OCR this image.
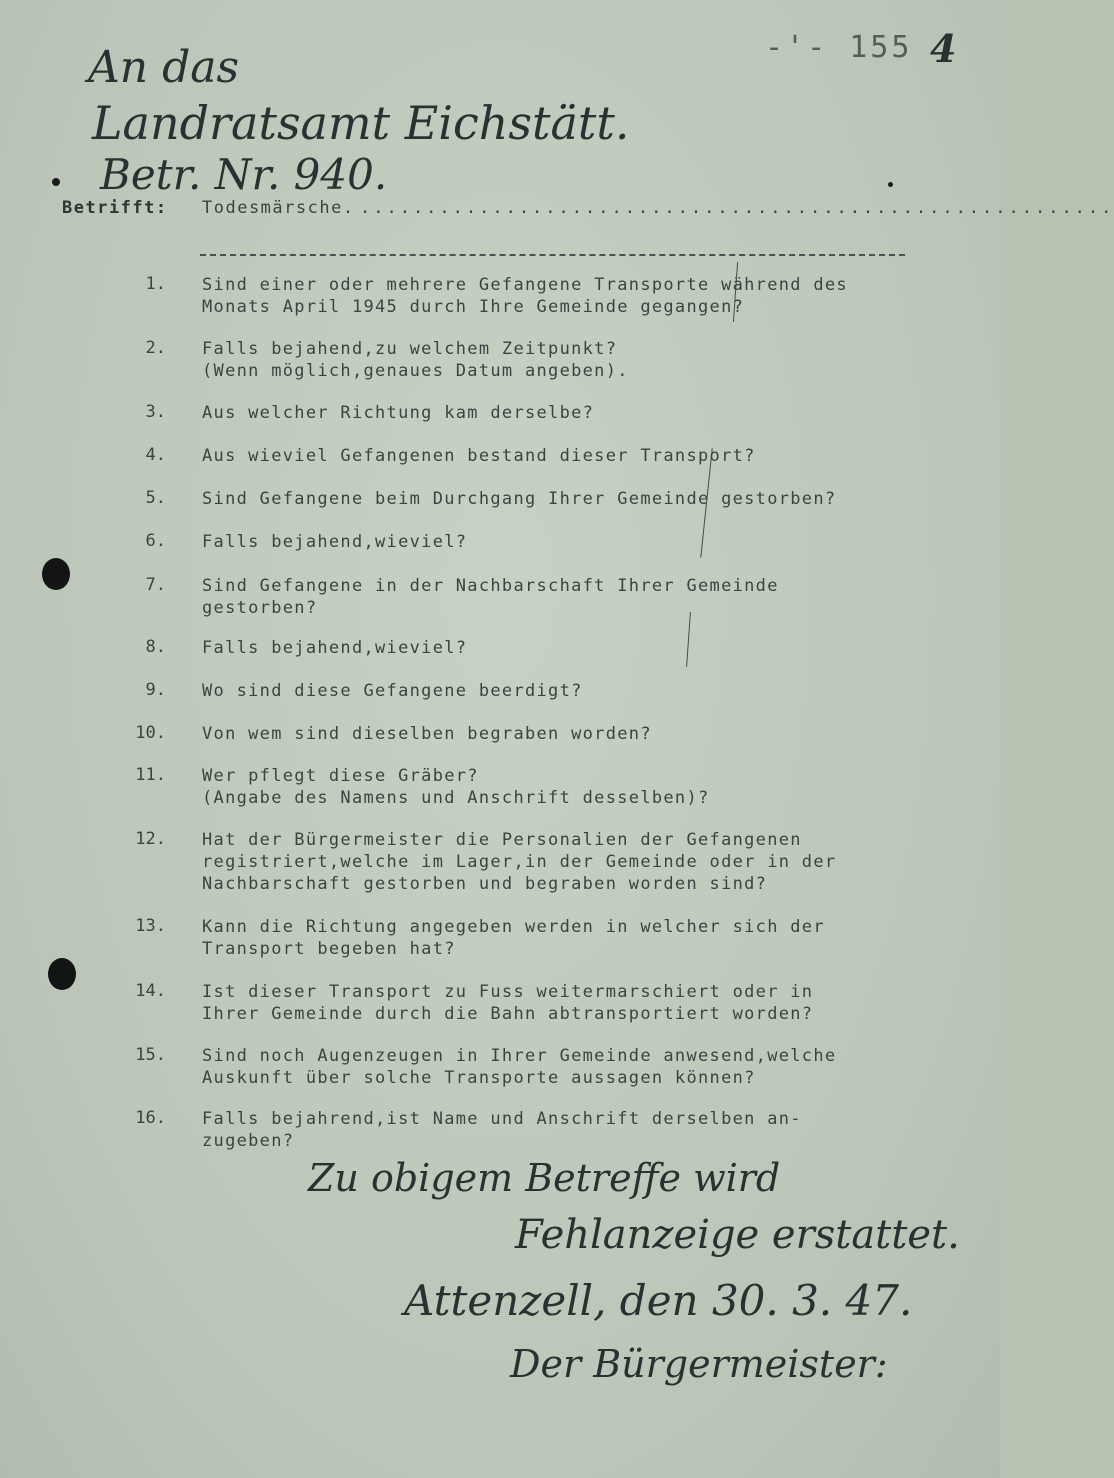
-'- 155 4
An das
Landratsamt Eichstätt.
Betr. Nr. 940.
Betrifft: Todesmärsche. .........................................................
1. Sind einer oder mehrere Gefangene Transporte während des
Monats April 1945 durch Ihre Gemeinde gegangen?
2. Falls bejahend,zu welchem Zeitpunkt?
(Wenn möglich,genaues Datum angeben).
3. Aus welcher Richtung kam derselbe?
4. Aus wieviel Gefangenen bestand dieser Transport?
5. Sind Gefangene beim Durchgang Ihrer Gemeinde gestorben?
6. Falls bejahend,wieviel?
7. Sind Gefangene in der Nachbarschaft Ihrer Gemeinde
gestorben?
8. Falls bejahend,wieviel?
9. Wo sind diese Gefangene beerdigt?
10. Von wem sind dieselben begraben worden?
11. Wer pflegt diese Gräber?
(Angabe des Namens und Anschrift desselben)?
12. Hat der Bürgermeister die Personalien der Gefangenen
registriert,welche im Lager,in der Gemeinde oder in der
Nachbarschaft gestorben und begraben worden sind?
13. Kann die Richtung angegeben werden in welcher sich der
Transport begeben hat?
14. Ist dieser Transport zu Fuss weitermarschiert oder in
Ihrer Gemeinde durch die Bahn abtransportiert worden?
15. Sind noch Augenzeugen in Ihrer Gemeinde anwesend,welche
Auskunft über solche Transporte aussagen können?
16. Falls bejahrend,ist Name und Anschrift derselben an-
zugeben?
Zu obigem Betreffe wird
Fehlanzeige erstattet.
Attenzell, den 30. 3. 47.
Der Bürgermeister:
